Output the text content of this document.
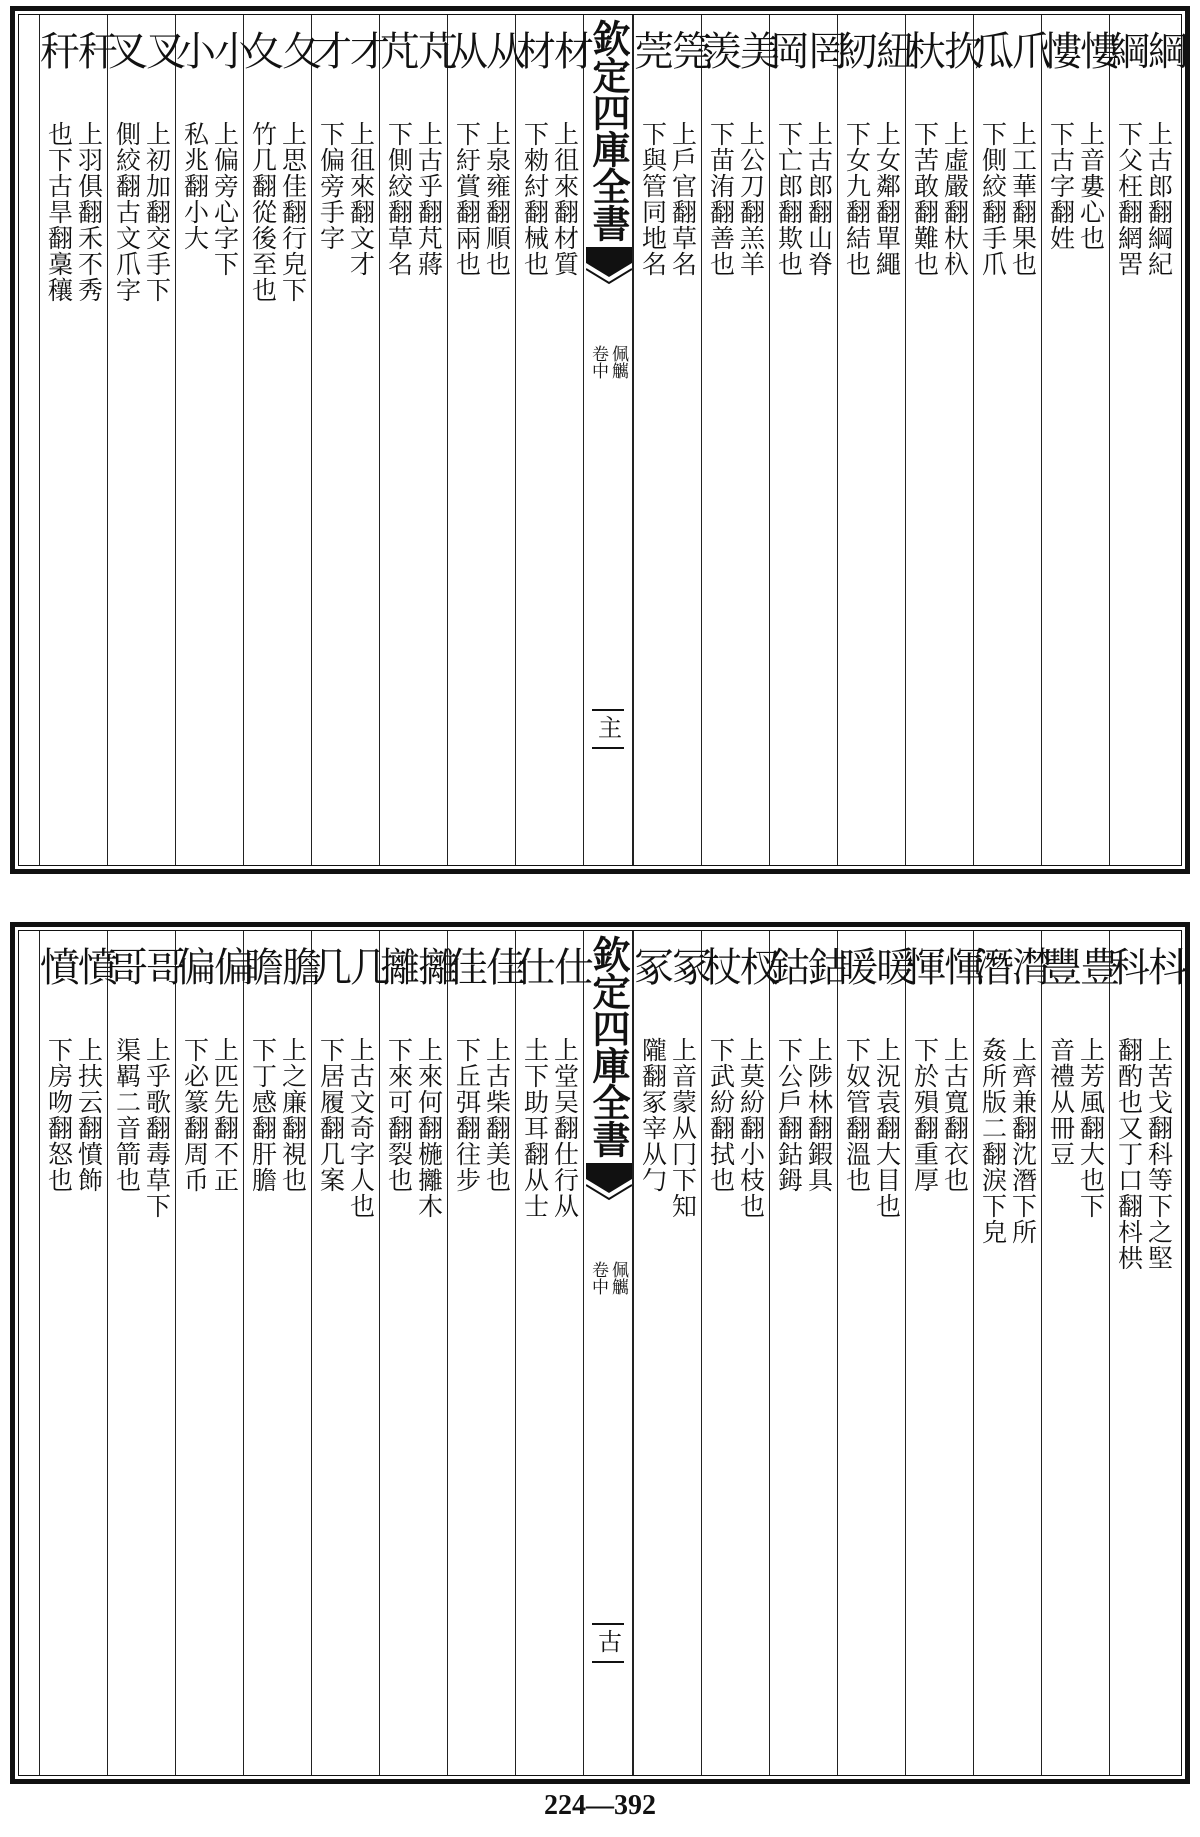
綱綱
上古郎翻綱紀
下父枉翻網罟
慺慺
上音婁心也
下古字翻姓
瓜爪
上工華翻果也
下側絞翻手爪
杕扻
上虛嚴翻杕杁
下苦敢翻難也
紉紐
上女鄰翻單繩
下女九翻結也
岡罔
上古郎翻山脊
下亡郎翻欺也
羡美
上公刀翻羔羊
下苗洧翻善也
莞筦
上戶官翻草名
下與管同地名
欽定四庫全書
佩觽
卷中
主
材材
上徂來翻材質
下勑紂翻械也
从从
上泉雍翻順也
下紆賞翻兩也
芃芃
上古乎翻芃蔣
下側絞翻草名
才才
上徂來翻文才
下偏旁手字
夂夂
上思佳翻行皃下
竹几翻從後至也
小小
上偏旁心字下
私兆翻小大
叉叉
上初加翻交手下
側絞翻古文爪字
秆秆
上羽俱翻禾不秀
也下古旱翻稾穰
科枓
上苦戈翻科等下之堅
翻酌也又丁口翻枓栱
豐豊
上芳風翻大也下
音禮从冊豆
潛潸
上齊兼翻沈潛下所
姦所版二翻淚下皃
惲惲
上古寬翻衣也
下於殞翻重厚
暖暖
上況袁翻大目也
下奴管翻溫也
鈷鈷
上陟林翻鍜具
下公戶翻鈷鉧
杖杈
上莫紛翻小枝也
下武紛翻拭也
冢冢
上音蒙从冂下知
隴翻冢宰从勹
欽定四庫全書
佩觽
卷中
古
仕仕
上堂吴翻仕行从
土下助耳翻从士
佳佳
上古柴翻美也
下丘弭翻往步
攡攡
上來何翻椸攡木
下來可翻裂也
几几
上古文奇字人也
下居履翻几案
瞻膽
上之廉翻視也
下丁感翻肝膽
偏偏
上匹先翻不正
下必篆翻周币
哥哥
上乎歌翻毒草下
渠羁二音箭也
憤憤
上扶云翻憤飾
下房吻翻怒也
224—392
